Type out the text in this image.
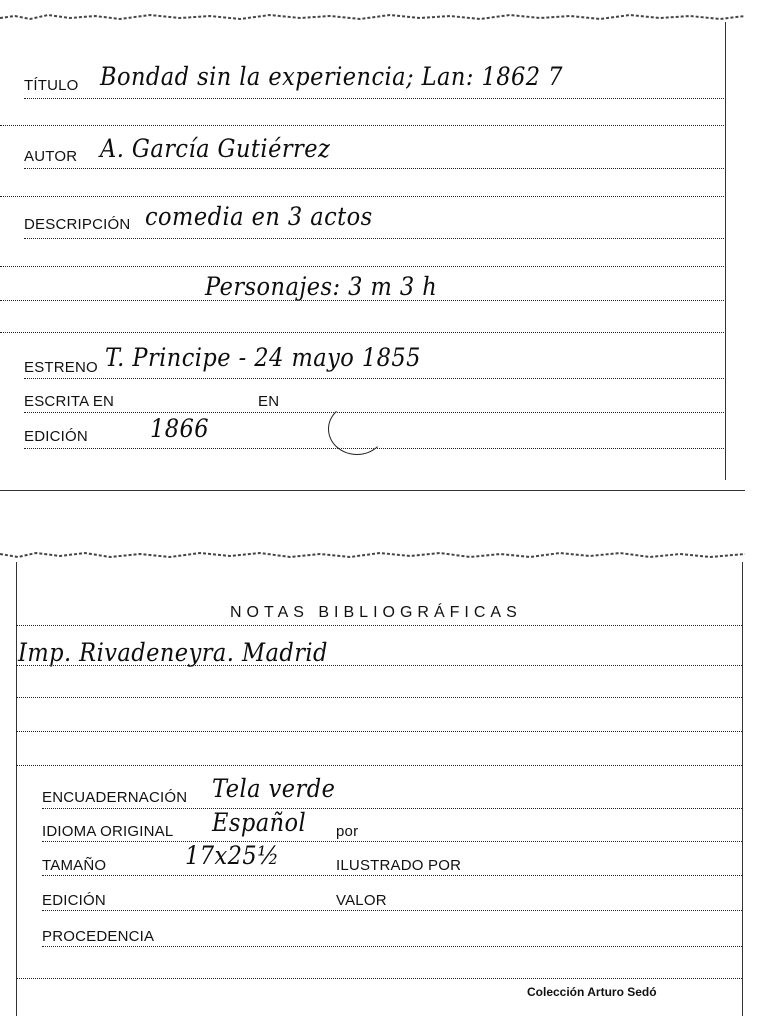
TÍTULO Bondad sin la experiencia; Lan: 1862 7
AUTOR A. García Gutiérrez
DESCRIPCIÓN comedia en 3 actos
Personajes: 3 m 3 h
ESTRENO T. Principe - 24 mayo 1855
ESCRITA EN	EN
EDICIÓN 1866
NOTAS BIBLIOGRÁFICAS
Imp. Rivadeneyra. Madrid
ENCUADERNACIÓN Tela verde
IDIOMA ORIGINAL Español por
TAMAÑO	17x25½	ILUSTRADO POR
EDICIÓN	VALOR
PROCEDENCIA
Colección Arturo Sedó
